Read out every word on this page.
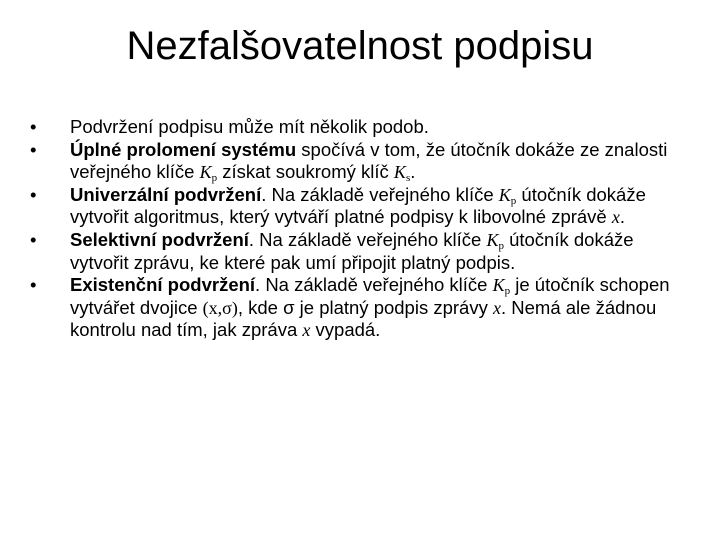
Nezfalšovatelnost podpisu
• Podvržení podpisu může mít několik podob.
• Úplné prolomení systému spočívá v tom, že útočník dokáže ze znalosti veřejného klíče $K_p$ získat soukromý klíč $K_s$.
• Univerzální podvržení. Na základě veřejného klíče $K_p$ útočník dokáže vytvořit algoritmus, který vytváří platné podpisy k libovolné zprávě x.
• Selektivní podvržení. Na základě veřejného klíče $K_p$ útočník dokáže vytvořit zprávu, ke které pak umí připojit platný podpis.
• Existenční podvržení. Na základě veřejného klíče $K_p$ je útočník schopen vytvářet dvojice (x,σ), kde σ je platný podpis zprávy x. Nemá ale žádnou kontrolu nad tím, jak zpráva x vypadá.
